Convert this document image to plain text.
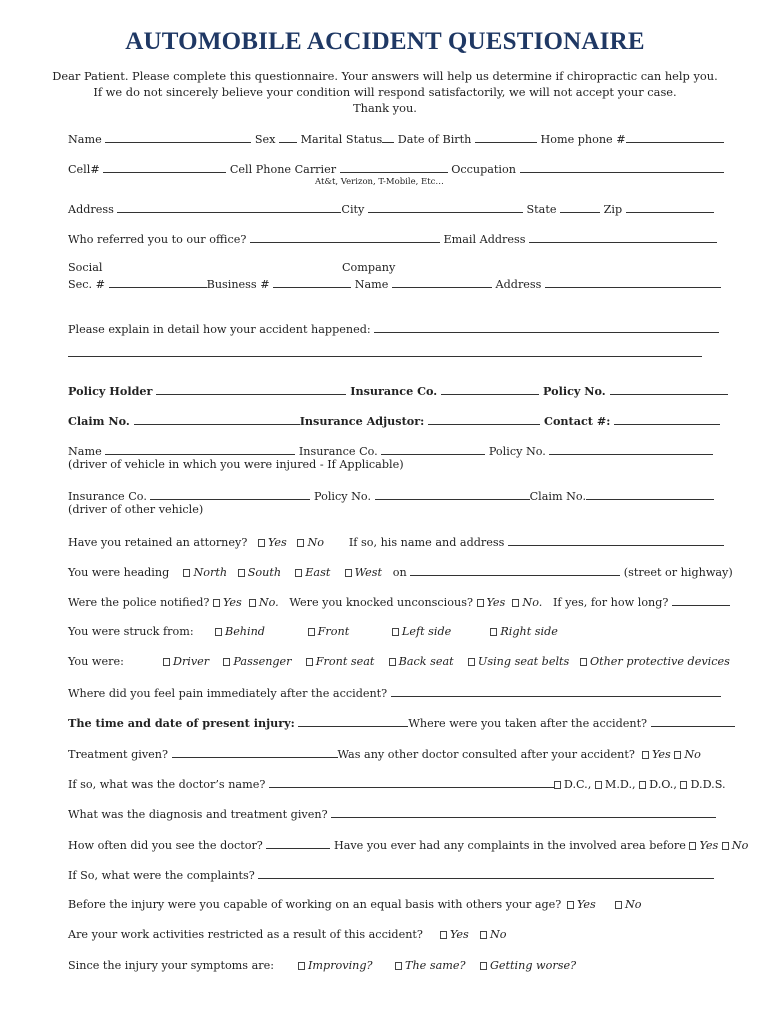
AUTOMOBILE ACCIDENT QUESTIONAIRE
Dear Patient. Please complete this questionnaire. Your answers will help us determine if chiropractic can help you.
If we do not sincerely believe your condition will respond satisfactorily, we will not accept your case.
Thank you.
Name	Sex Marital Status Date of Birth	Home phone #
Cell#	Cell Phone Carrier	Occupation
At&t, Verizon, T-Mobile, Etc…
Address	City	State	Zip
Who referred you to our office?	Email Address
Social	Company
Sec. #	Business #	Name	Address
Please explain in detail how your accident happened:
Policy Holder	Insurance Co.	Policy No.
Claim No.	Insurance Adjustor:	Contact #:
Name	Insurance Co.	Policy No.
(driver of vehicle in which you were injured - If Applicable)
Insurance Co.	Policy No.	Claim No.
(driver of other vehicle)
Have you retained an attorney? Yes No If so, his name and address
You were heading North South East West on	(street or highway)
Were the police notified? Yes No. Were you knocked unconscious? Yes No. If yes, for how long?
You were struck from:	Behind	Front	Left side	Right side
You were:	Driver Passenger Front seat Back seat Using seat belts Other protective devices
Where did you feel pain immediately after the accident?
The time and date of present injury:	Where were you taken after the accident?
Treatment given?	Was any other doctor consulted after your accident? Yes No
If so, what was the doctor’s name?	D.C., M.D., D.O., D.D.S.
What was the diagnosis and treatment given?
How often did you see the doctor?	Have you ever had any complaints in the involved area before Yes No
If So, what were the complaints?
Before the injury were you capable of working on an equal basis with others your age?	Yes	No
Are your work activities restricted as a result of this accident?	Yes	No
Since the injury your symptoms are:	Improving?	The same?	Getting worse?
